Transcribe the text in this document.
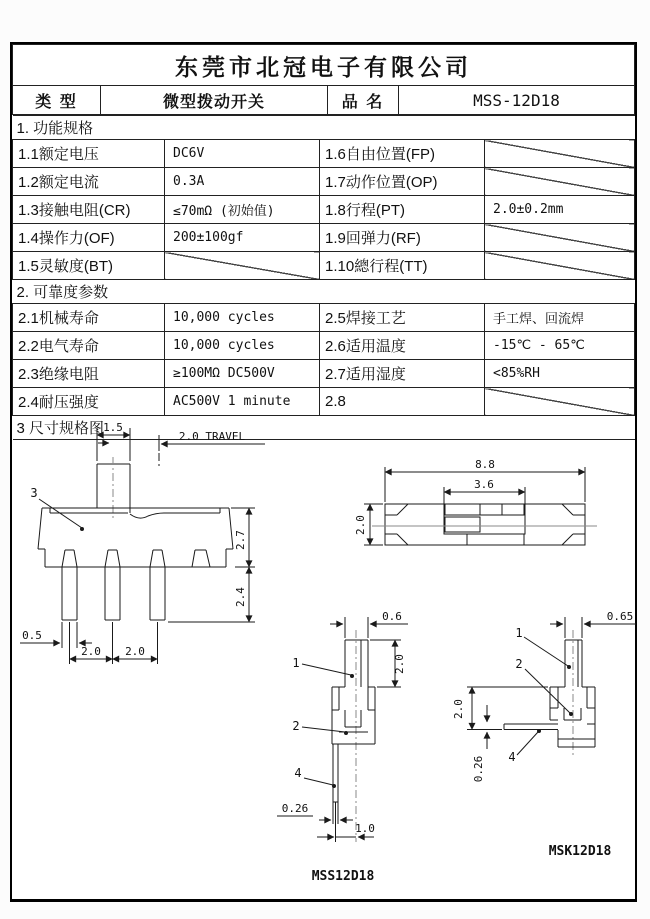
东莞市北冠电子有限公司
类 型	微型拨动开关	品 名	MSS-12D18
1. 功能规格			
1.1额定电压	DC6V	1.6自由位置(FP)	
1.2额定电流	0.3A	1.7动作位置(OP)	
1.3接触电阻(CR)	≤70mΩ (初始值)	1.8行程(PT)	2.0±0.2mm
1.4操作力(OF)	200±100gf	1.9回弹力(RF)	
1.5灵敏度(BT)		1.10總行程(TT)	
2. 可靠度参数			
2.1机械寿命	10,000 cycles	2.5焊接工艺	手工焊、回流焊
2.2电气寿命	10,000 cycles	2.6适用温度	-15℃ - 65℃
2.3绝缘电阻	≥100MΩ DC500V	2.7适用湿度	<85%RH
2.4耐压强度	AC500V 1 minute	2.8	
3 尺寸规格图			1.5
2.0 TRAVEL
0.5
2.0 2.0
2.7
2.4
3
8.8
3.6
2.0
0.6
2.0
0.26
1.0
1
2
4
MSS12D18
0.65
2.0
0.26
1
2
4
MSK12D18
